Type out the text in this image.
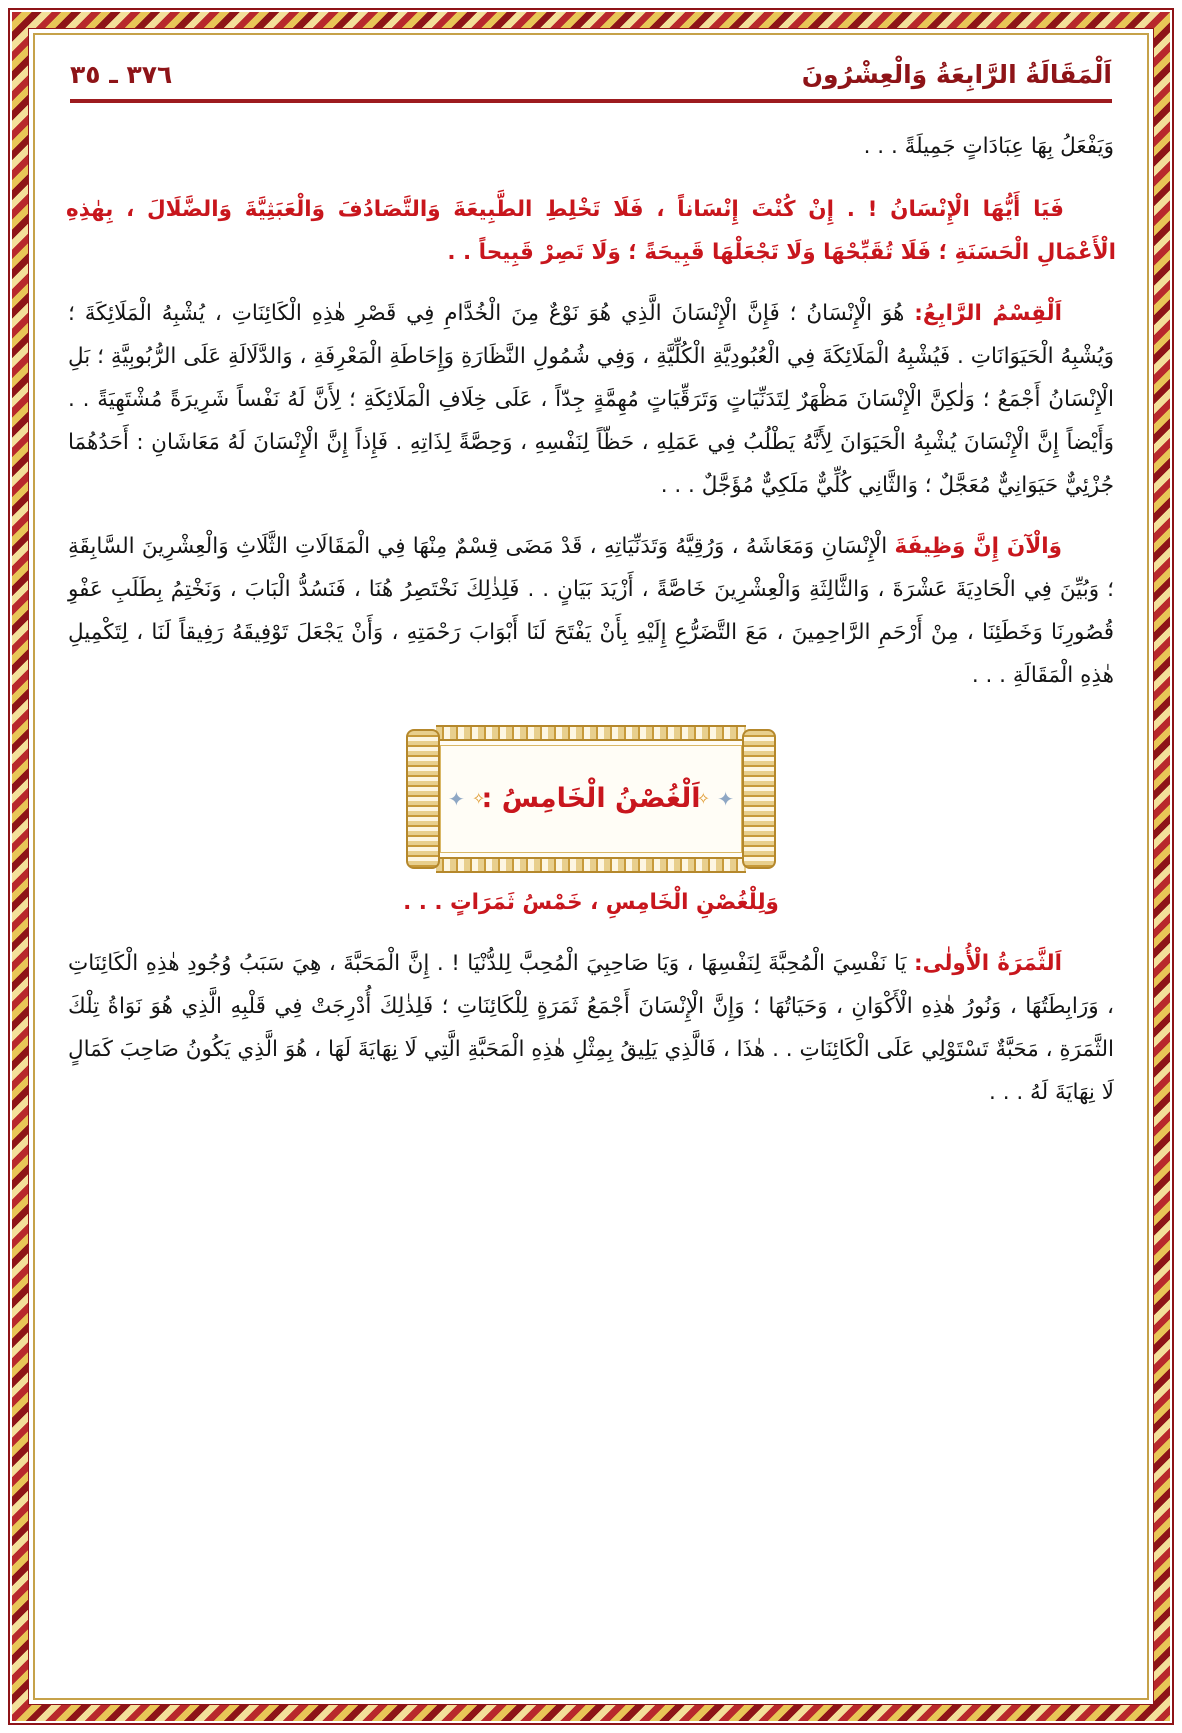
٣٧٦ ـ ٣٥	اَلْمَقَالَةُ الرَّابِعَةُ وَالْعِشْرُونَ

وَيَفْعَلُ بِهَا عِبَادَاتٍ جَمِيلَةً . . .

فَيَا أَيُّهَا الْإِنْسَانُ ! . إِنْ كُنْتَ إِنْسَاناً ، فَلَا تَخْلِطِ الطَّبِيعَةَ وَالتَّصَادُفَ وَالْعَبَثِيَّةَ وَالضَّلَالَ ، بِهٰذِهِ الْأَعْمَالِ الْحَسَنَةِ ؛ فَلَا تُقَبِّحْهَا وَلَا تَجْعَلْهَا قَبِيحَةً ؛ وَلَا تَصِرْ قَبِيحاً . .

اَلْقِسْمُ الرَّابِعُ: هُوَ الْإِنْسَانُ ؛ فَإِنَّ الْإِنْسَانَ الَّذِي هُوَ نَوْعٌ مِنَ الْخُدَّامِ فِي قَصْرِ هٰذِهِ الْكَائِنَاتِ ، يُشْبِهُ الْمَلَائِكَةَ ؛ وَيُشْبِهُ الْحَيَوَانَاتِ . فَيُشْبِهُ الْمَلَائِكَةَ فِي الْعُبُودِيَّةِ الْكُلِّيَّةِ ، وَفِي شُمُولِ النَّظَارَةِ وَإِحَاطَةِ الْمَعْرِفَةِ ، وَالدَّلَالَةِ عَلَى الرُّبُوبِيَّةِ ؛ بَلِ الْإِنْسَانُ أَجْمَعُ ؛ وَلٰكِنَّ الْإِنْسَانَ مَظْهَرٌ لِتَدَنِّيَاتٍ وَتَرَقِّيَاتٍ مُهِمَّةٍ جِدّاً ، عَلَى خِلَافِ الْمَلَائِكَةِ ؛ لِأَنَّ لَهُ نَفْساً شَرِيرَةً مُشْتَهِيَةً . . وَأَيْضاً إِنَّ الْإِنْسَانَ يُشْبِهُ الْحَيَوَانَ لِأَنَّهُ يَطْلُبُ فِي عَمَلِهِ ، حَظّاً لِنَفْسِهِ ، وَحِصَّةً لِذَاتِهِ . فَإِذاً إِنَّ الْإِنْسَانَ لَهُ مَعَاشَانِ : أَحَدُهُمَا جُزْئِيٌّ حَيَوَانِيٌّ مُعَجَّلٌ ؛ وَالثَّانِي كُلِّيٌّ مَلَكِيٌّ مُؤَجَّلٌ . . .

وَالْآنَ إِنَّ وَظِيفَةَ الْإِنْسَانِ وَمَعَاشَهُ ، وَرُقِيَّهُ وَتَدَنِّيَاتِهِ ، قَدْ مَضَى قِسْمٌ مِنْهَا فِي الْمَقَالَاتِ الثَّلَاثِ وَالْعِشْرِينَ السَّابِقَةِ ؛ وَبُيِّنَ فِي الْحَادِيَةَ عَشْرَةَ ، وَالثَّالِثَةِ وَالْعِشْرِينَ خَاصَّةً ، أَزْيَدَ بَيَانٍ . . فَلِذٰلِكَ نَخْتَصِرُ هُنَا ، فَنَسُدُّ الْبَابَ ، وَنَخْتِمُ بِطَلَبِ عَفْوِ قُصُورِنَا وَخَطَئِنَا ، مِنْ أَرْحَمِ الرَّاحِمِينَ ، مَعَ التَّضَرُّعِ إِلَيْهِ بِأَنْ يَفْتَحَ لَنَا أَبْوَابَ رَحْمَتِهِ ، وَأَنْ يَجْعَلَ تَوْفِيقَهُ رَفِيقاً لَنَا ، لِتَكْمِيلِ هٰذِهِ الْمَقَالَةِ . . .

✦
✦	✧
✧
اَلْغُصْنُ الْخَامِسُ :

وَلِلْغُصْنِ الْخَامِسِ ، خَمْسُ ثَمَرَاتٍ . . .

اَلثَّمَرَةُ الْأُولٰى: يَا نَفْسِيَ الْمُحِبَّةَ لِنَفْسِهَا ، وَيَا صَاحِبِيَ الْمُحِبَّ لِلدُّنْيَا ! . إِنَّ الْمَحَبَّةَ ، هِيَ سَبَبُ وُجُودِ هٰذِهِ الْكَائِنَاتِ ، وَرَابِطَتُهَا ، وَنُورُ هٰذِهِ الْأَكْوَانِ ، وَحَيَاتُهَا ؛ وَإِنَّ الْإِنْسَانَ أَجْمَعُ ثَمَرَةٍ لِلْكَائِنَاتِ ؛ فَلِذٰلِكَ أُدْرِجَتْ فِي قَلْبِهِ الَّذِي هُوَ نَوَاةُ تِلْكَ الثَّمَرَةِ ، مَحَبَّةٌ تَسْتَوْلِي عَلَى الْكَائِنَاتِ . . هٰذَا ، فَالَّذِي يَلِيقُ بِمِثْلِ هٰذِهِ الْمَحَبَّةِ الَّتِي لَا نِهَايَةَ لَهَا ، هُوَ الَّذِي يَكُونُ صَاحِبَ كَمَالٍ لَا نِهَايَةَ لَهُ . . .
